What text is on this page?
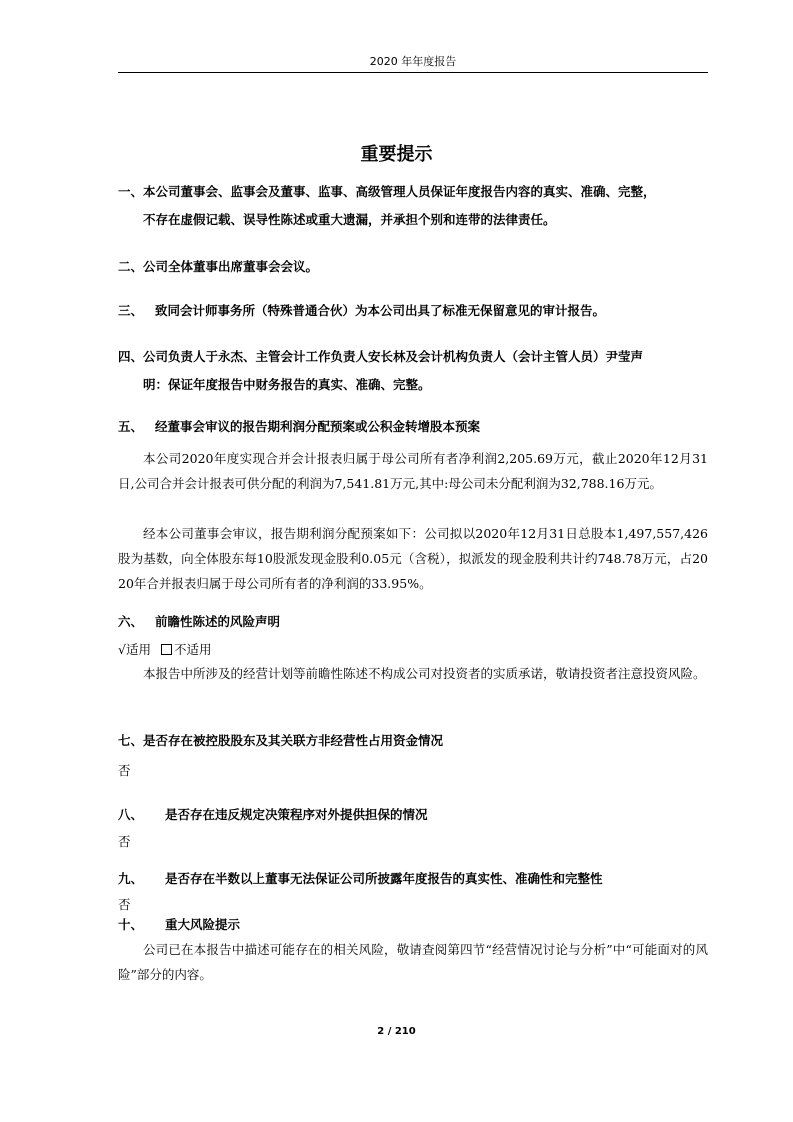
2020 年年度报告
重要提示
一、本公司董事会、监事会及董事、监事、高级管理人员保证年度报告内容的真实、准确、完整，
不存在虚假记载、误导性陈述或重大遗漏，并承担个别和连带的法律责任。
二、公司全体董事出席董事会会议。
三、 致同会计师事务所（特殊普通合伙）为本公司出具了标准无保留意见的审计报告。
四、公司负责人于永杰、主管会计工作负责人安长林及会计机构负责人（会计主管人员）尹莹声
明：保证年度报告中财务报告的真实、准确、完整。
五、 经董事会审议的报告期利润分配预案或公积金转增股本预案

本公司2020年度实现合并会计报表归属于母公司所有者净利润2,205.69万元，截止2020年12月31日,公司合并会计报表可供分配的利润为7,541.81万元,其中:母公司未分配利润为32,788.16万元。

经本公司董事会审议，报告期利润分配预案如下：公司拟以2020年12月31日总股本1,497,557,426股为基数，向全体股东每10股派发现金股利0.05元（含税），拟派发的现金股利共计约748.78万元，占2020年合并报表归属于母公司所有者的净利润的33.95%。

六、 前瞻性陈述的风险声明
√适用 不适用

本报告中所涉及的经营计划等前瞻性陈述不构成公司对投资者的实质承诺，敬请投资者注意投资风险。

七、是否存在被控股股东及其关联方非经营性占用资金情况
否
八、 是否存在违反规定决策程序对外提供担保的情况
否
九、 是否存在半数以上董事无法保证公司所披露年度报告的真实性、准确性和完整性
否
十、 重大风险提示

公司已在本报告中描述可能存在的相关风险，敬请查阅第四节“经营情况讨论与分析”中“可能面对的风险”部分的内容。

2 / 210
